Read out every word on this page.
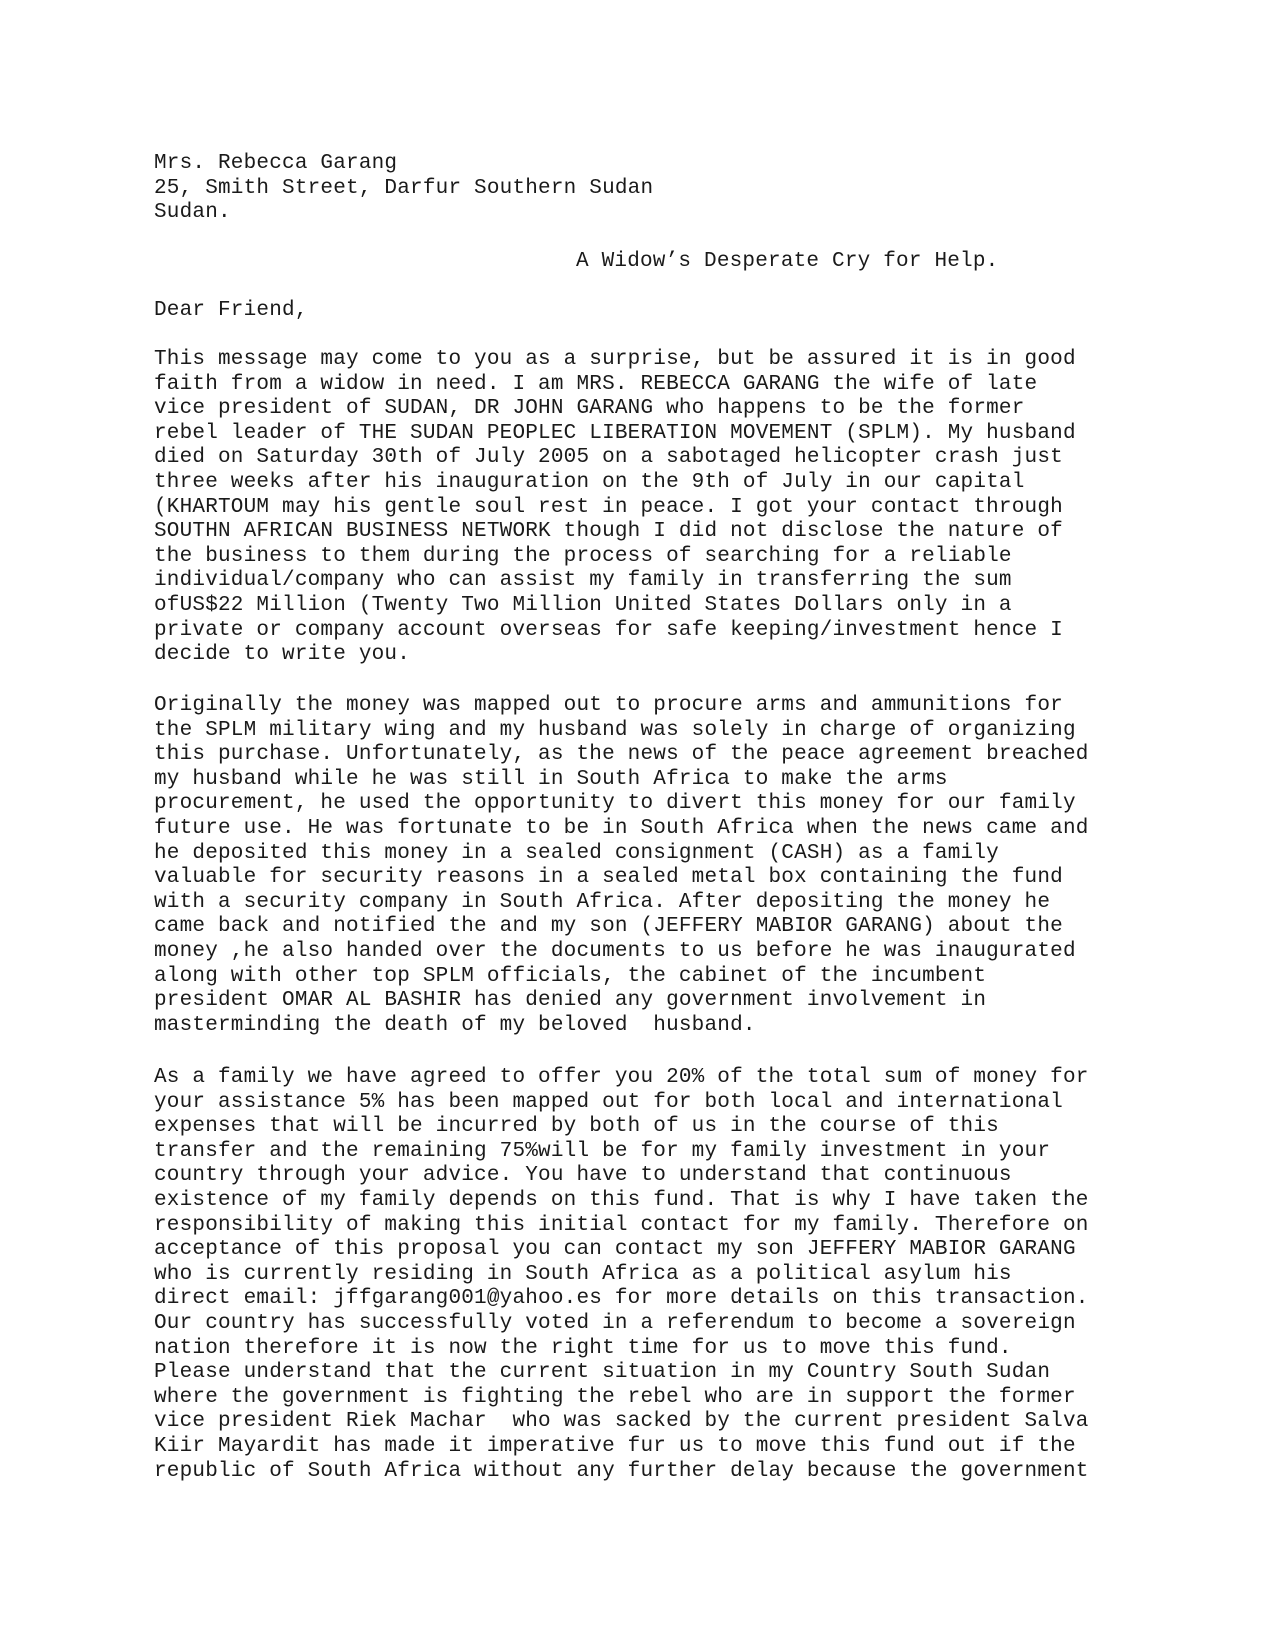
Mrs. Rebecca Garang
25, Smith Street, Darfur Southern Sudan
Sudan.
A Widow’s Desperate Cry for Help.
Dear Friend,
This message may come to you as a surprise, but be assured it is in good
faith from a widow in need. I am MRS. REBECCA GARANG the wife of late
vice president of SUDAN, DR JOHN GARANG who happens to be the former
rebel leader of THE SUDAN PEOPLEC LIBERATION MOVEMENT (SPLM). My husband
died on Saturday 30th of July 2005 on a sabotaged helicopter crash just
three weeks after his inauguration on the 9th of July in our capital
(KHARTOUM may his gentle soul rest in peace. I got your contact through
SOUTHN AFRICAN BUSINESS NETWORK though I did not disclose the nature of
the business to them during the process of searching for a reliable
individual/company who can assist my family in transferring the sum
ofUS$22 Million (Twenty Two Million United States Dollars only in a
private or company account overseas for safe keeping/investment hence I
decide to write you.
Originally the money was mapped out to procure arms and ammunitions for
the SPLM military wing and my husband was solely in charge of organizing
this purchase. Unfortunately, as the news of the peace agreement breached
my husband while he was still in South Africa to make the arms
procurement, he used the opportunity to divert this money for our family
future use. He was fortunate to be in South Africa when the news came and
he deposited this money in a sealed consignment (CASH) as a family
valuable for security reasons in a sealed metal box containing the fund
with a security company in South Africa. After depositing the money he
came back and notified the and my son (JEFFERY MABIOR GARANG) about the
money ,he also handed over the documents to us before he was inaugurated
along with other top SPLM officials, the cabinet of the incumbent
president OMAR AL BASHIR has denied any government involvement in
masterminding the death of my beloved  husband.
As a family we have agreed to offer you 20% of the total sum of money for
your assistance 5% has been mapped out for both local and international
expenses that will be incurred by both of us in the course of this
transfer and the remaining 75%will be for my family investment in your
country through your advice. You have to understand that continuous
existence of my family depends on this fund. That is why I have taken the
responsibility of making this initial contact for my family. Therefore on
acceptance of this proposal you can contact my son JEFFERY MABIOR GARANG
who is currently residing in South Africa as a political asylum his
direct email: jffgarang001@yahoo.es for more details on this transaction.
Our country has successfully voted in a referendum to become a sovereign
nation therefore it is now the right time for us to move this fund.
Please understand that the current situation in my Country South Sudan
where the government is fighting the rebel who are in support the former
vice president Riek Machar  who was sacked by the current president Salva
Kiir Mayardit has made it imperative fur us to move this fund out if the
republic of South Africa without any further delay because the government
